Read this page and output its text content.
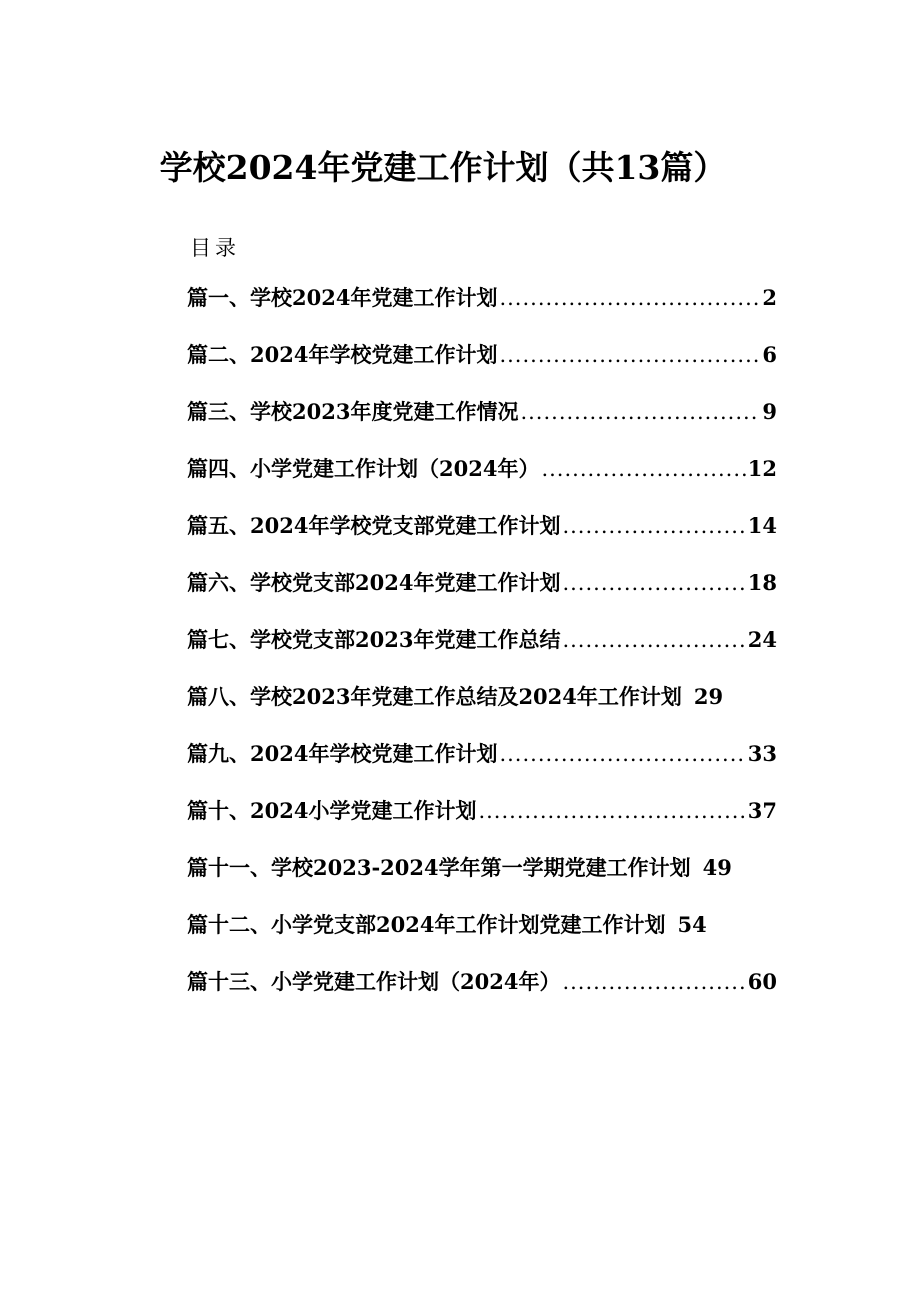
学校2024年党建工作计划（共13篇）
目录
篇一、学校2024年党建工作计划 .....	2
篇二、2024年学校党建工作计划 .....	6
篇三、学校2023年度党建工作情况 .....	9
篇四、小学党建工作计划（2024年） .....	12
篇五、2024年学校党支部党建工作计划 .....	14
篇六、学校党支部2024年党建工作计划 .....	18
篇七、学校党支部2023年党建工作总结 .....	24
篇八、学校2023年党建工作总结及2024年工作计划 29
篇九、2024年学校党建工作计划 .....	33
篇十、2024小学党建工作计划 .....	37
篇十一、学校2023-2024学年第一学期党建工作计划 49
篇十二、小学党支部2024年工作计划党建工作计划 54
篇十三、小学党建工作计划（2024年） .....	60
